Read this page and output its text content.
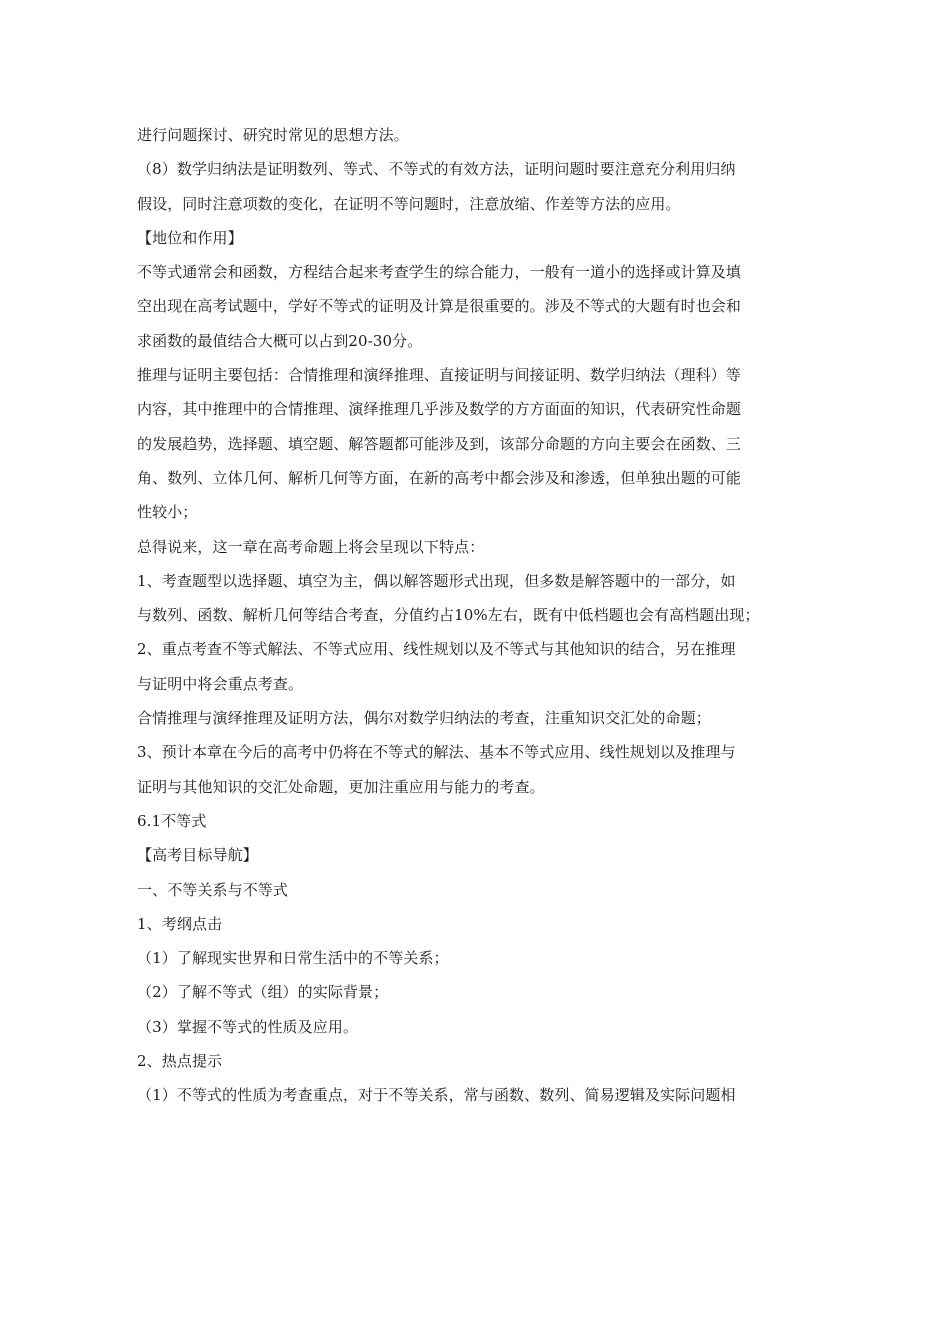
进行问题探讨、研究时常见的思想方法。
（8）数学归纳法是证明数列、等式、不等式的有效方法，证明问题时要注意充分利用归纳
假设，同时注意项数的变化，在证明不等问题时，注意放缩、作差等方法的应用。
【地位和作用】
不等式通常会和函数，方程结合起来考查学生的综合能力，一般有一道小的选择或计算及填
空出现在高考试题中，学好不等式的证明及计算是很重要的。涉及不等式的大题有时也会和
求函数的最值结合大概可以占到20-30分。
推理与证明主要包括：合情推理和演绎推理、直接证明与间接证明、数学归纳法（理科）等
内容，其中推理中的合情推理、演绎推理几乎涉及数学的方方面面的知识，代表研究性命题
的发展趋势，选择题、填空题、解答题都可能涉及到，该部分命题的方向主要会在函数、三
角、数列、立体几何、解析几何等方面，在新的高考中都会涉及和渗透，但单独出题的可能
性较小；
总得说来，这一章在高考命题上将会呈现以下特点：
1、考查题型以选择题、填空为主，偶以解答题形式出现，但多数是解答题中的一部分，如
与数列、函数、解析几何等结合考查，分值约占10%左右，既有中低档题也会有高档题出现；
2、重点考查不等式解法、不等式应用、线性规划以及不等式与其他知识的结合，另在推理
与证明中将会重点考查。
合情推理与演绎推理及证明方法，偶尔对数学归纳法的考查，注重知识交汇处的命题；
3、预计本章在今后的高考中仍将在不等式的解法、基本不等式应用、线性规划以及推理与
证明与其他知识的交汇处命题，更加注重应用与能力的考查。
6.1不等式
【高考目标导航】
一、不等关系与不等式
1、考纲点击
（1）了解现实世界和日常生活中的不等关系；
（2）了解不等式（组）的实际背景；
（3）掌握不等式的性质及应用。
2、热点提示
（1）不等式的性质为考查重点，对于不等关系，常与函数、数列、简易逻辑及实际问题相
